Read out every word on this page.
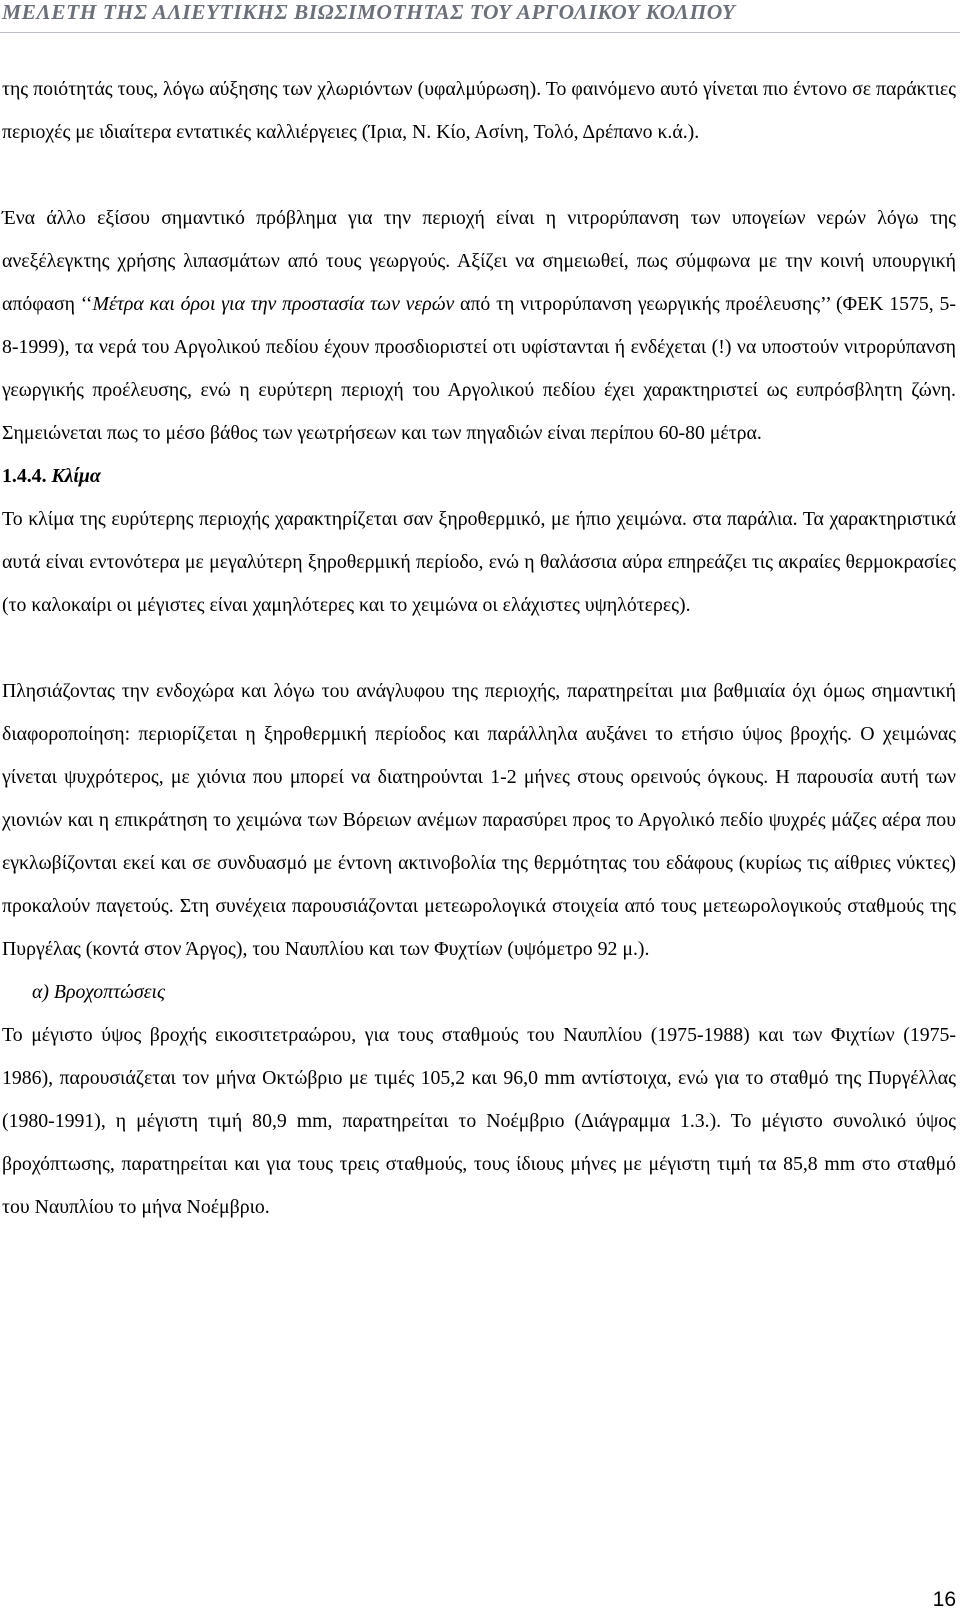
ΜΕΛΕΤΗ ΤΗΣ ΑΛΙΕΥΤΙΚΗΣ ΒΙΩΣΙΜΟΤΗΤΑΣ ΤΟΥ ΑΡΓΟΛΙΚΟΥ ΚΟΛΠΟΥ

της ποιότητάς τους, λόγω αύξησης των χλωριόντων (υφαλμύρωση). Το φαινόμενο αυτό γίνεται πιο έντονο σε παράκτιες περιοχές με ιδιαίτερα εντατικές καλλιέργειες (Ίρια, Ν. Κίο, Ασίνη, Τολό, Δρέπανο κ.ά.).

Ένα άλλο εξίσου σημαντικό πρόβλημα για την περιοχή είναι η νιτρορύπανση των υπογείων νερών λόγω της ανεξέλεγκτης χρήσης λιπασμάτων από τους γεωργούς. Αξίζει να σημειωθεί, πως σύμφωνα με την κοινή υπουργική απόφαση ‘‘Μέτρα και όροι για την προστασία των νερών από τη νιτρορύπανση γεωργικής προέλευσης’’ (ΦΕΚ 1575, 5-8-1999), τα νερά του Αργολικού πεδίου έχουν προσδιοριστεί οτι υφίστανται ή ενδέχεται (!) να υποστούν νιτρορύπανση γεωργικής προέλευσης, ενώ η ευρύτερη περιοχή του Αργολικού πεδίου έχει χαρακτηριστεί ως ευπρόσβλητη ζώνη. Σημειώνεται πως το μέσο βάθος των γεωτρήσεων και των πηγαδιών είναι περίπου 60-80 μέτρα.

1.4.4. Κλίμα

Το κλίμα της ευρύτερης περιοχής χαρακτηρίζεται σαν ξηροθερμικό, με ήπιο χειμώνα. στα παράλια. Τα χαρακτηριστικά αυτά είναι εντονότερα με μεγαλύτερη ξηροθερμική περίοδο, ενώ η θαλάσσια αύρα επηρεάζει τις ακραίες θερμοκρασίες (το καλοκαίρι οι μέγιστες είναι χαμηλότερες και το χειμώνα οι ελάχιστες υψηλότερες).

Πλησιάζοντας την ενδοχώρα και λόγω του ανάγλυφου της περιοχής, παρατηρείται μια βαθμιαία όχι όμως σημαντική διαφοροποίηση: περιορίζεται η ξηροθερμική περίοδος και παράλληλα αυξάνει το ετήσιο ύψος βροχής. Ο χειμώνας γίνεται ψυχρότερος, με χιόνια που μπορεί να διατηρούνται 1-2 μήνες στους ορεινούς όγκους. Η παρουσία αυτή των χιονιών και η επικράτηση το χειμώνα των Βόρειων ανέμων παρασύρει προς το Αργολικό πεδίο ψυχρές μάζες αέρα που εγκλωβίζονται εκεί και σε συνδυασμό με έντονη ακτινοβολία της θερμότητας του εδάφους (κυρίως τις αίθριες νύκτες) προκαλούν παγετούς. Στη συνέχεια παρουσιάζονται μετεωρολογικά στοιχεία από τους μετεωρολογικούς σταθμούς της Πυργέλας (κοντά στον Άργος), του Ναυπλίου και των Φυχτίων (υψόμετρο 92 μ.).

α) Βροχοπτώσεις

Το μέγιστο ύψος βροχής εικοσιτετραώρου, για τους σταθμούς του Ναυπλίου (1975-1988) και των Φιχτίων (1975-1986), παρουσιάζεται τον μήνα Οκτώβριο με τιμές 105,2 και 96,0 mm αντίστοιχα, ενώ για το σταθμό της Πυργέλλας (1980-1991), η μέγιστη τιμή 80,9 mm, παρατηρείται το Νοέμβριο (Διάγραμμα 1.3.). Το μέγιστο συνολικό ύψος βροχόπτωσης, παρατηρείται και για τους τρεις σταθμούς, τους ίδιους μήνες με μέγιστη τιμή τα 85,8 mm στο σταθμό του Ναυπλίου το μήνα Νοέμβριο.

16
